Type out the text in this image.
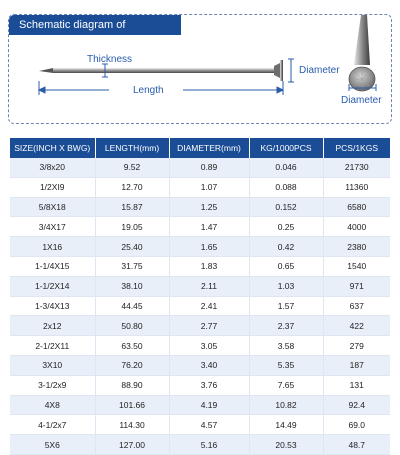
Schematic diagram of dimensions
Thickness
Length
Diameter
Diameter
SIZE(INCH X BWG)	LENGTH(mm)	DIAMETER(mm)	KG/1000PCS	PCS/1KGS
3/8x20	9.52	0.89	0.046	21730
1/2XI9	12.70	1.07	0.088	11360
5/8X18	15.87	1.25	0.152	6580
3/4X17	19.05	1.47	0.25	4000
1X16	25.40	1.65	0.42	2380
1-1/4X15	31.75	1.83	0.65	1540
1-1/2X14	38.10	2.11	1.03	971
1-3/4X13	44.45	2.41	1.57	637
2x12	50.80	2.77	2.37	422
2-1/2X11	63.50	3.05	3.58	279
3X10	76.20	3.40	5.35	187
3-1/2x9	88.90	3.76	7.65	131
4X8	101.66	4.19	10.82	92.4
4-1/2x7	114.30	4.57	14.49	69.0
5X6	127.00	5.16	20.53	48.7
